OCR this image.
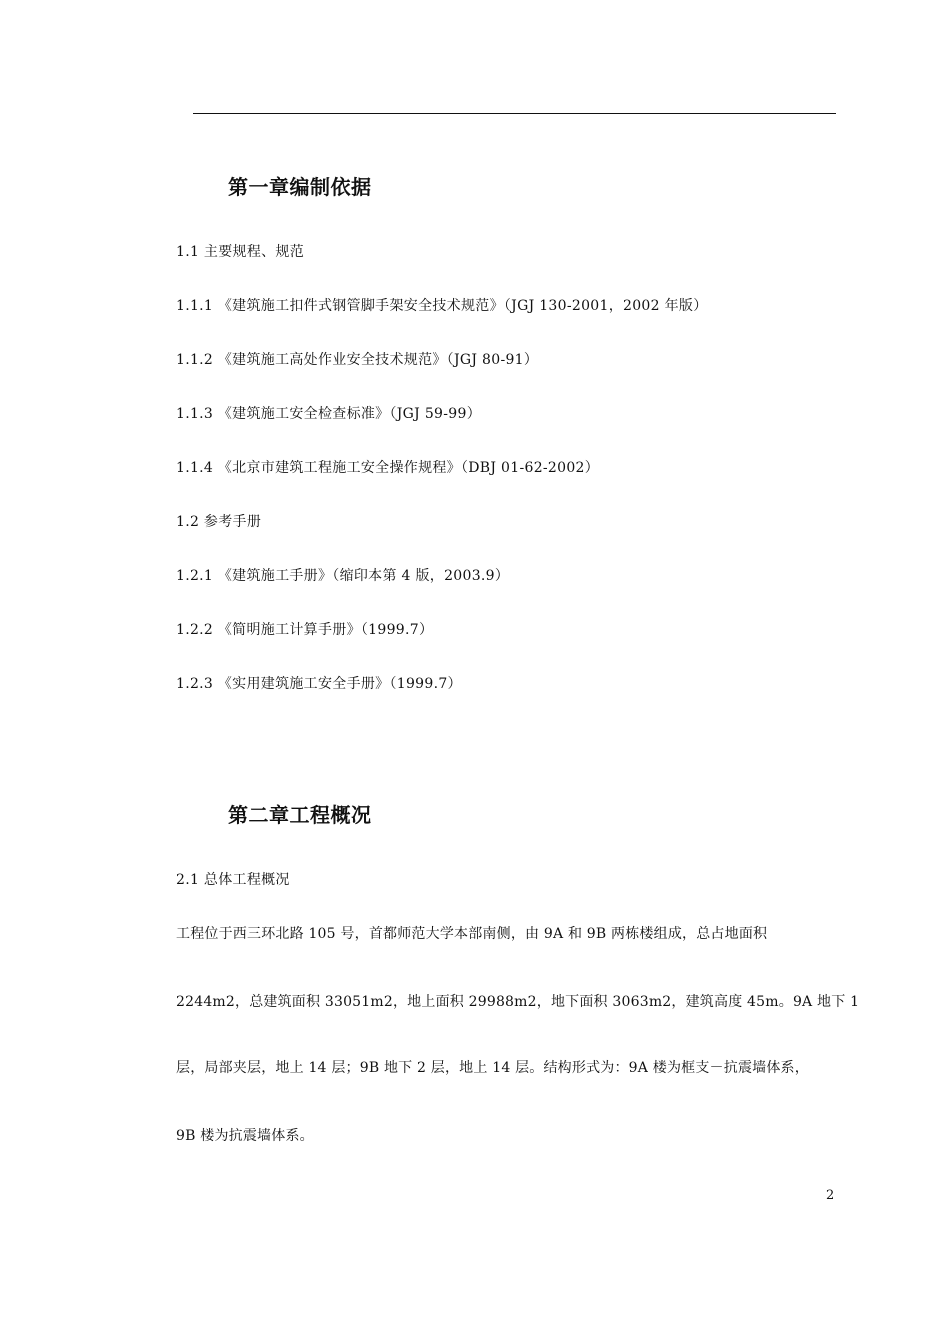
第一章编制依据
1.1 主要规程、规范
1.1.1 《建筑施工扣件式钢管脚手架安全技术规范》（JGJ 130-2001，2002 年版）
1.1.2 《建筑施工高处作业安全技术规范》（JGJ 80-91）
1.1.3 《建筑施工安全检查标准》（JGJ 59-99）
1.1.4 《北京市建筑工程施工安全操作规程》（DBJ 01-62-2002）
1.2 参考手册
1.2.1 《建筑施工手册》（缩印本第 4 版，2003.9）
1.2.2 《简明施工计算手册》（1999.7）
1.2.3 《实用建筑施工安全手册》（1999.7）
第二章工程概况
2.1 总体工程概况
工程位于西三环北路 105 号，首都师范大学本部南侧，由 9A 和 9B 两栋楼组成，总占地面积
2244m2，总建筑面积 33051m2，地上面积 29988m2，地下面积 3063m2，建筑高度 45m。9A 地下 1
层，局部夹层，地上 14 层；9B 地下 2 层，地上 14 层。结构形式为：9A 楼为框支－抗震墙体系，
9B 楼为抗震墙体系。
2
